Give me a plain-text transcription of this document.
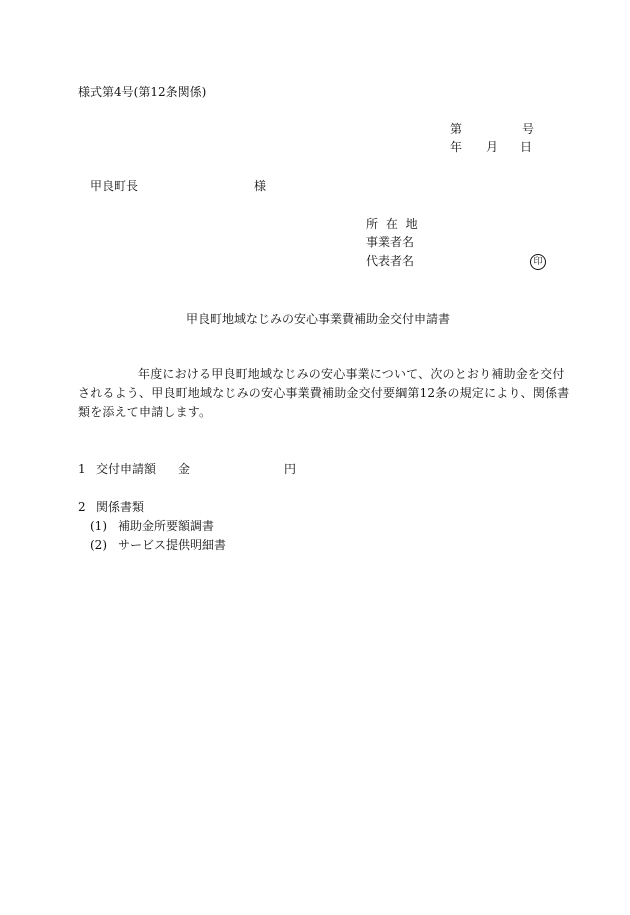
様式第4号(第12条関係)
第	号
年 月 日
甲良町長	様
所 在 地
事業者名
代表者名	印
甲良町地域なじみの安心事業費補助金交付申請書
年度における甲良町地域なじみの安心事業について、次のとおり補助金を交付
されるよう、甲良町地域なじみの安心事業費補助金交付要綱第12条の規定により、関係書
類を添えて申請します。
1 交付申請額 金	円
2 関係書類
(1) 補助金所要額調書
(2) サービス提供明細書
